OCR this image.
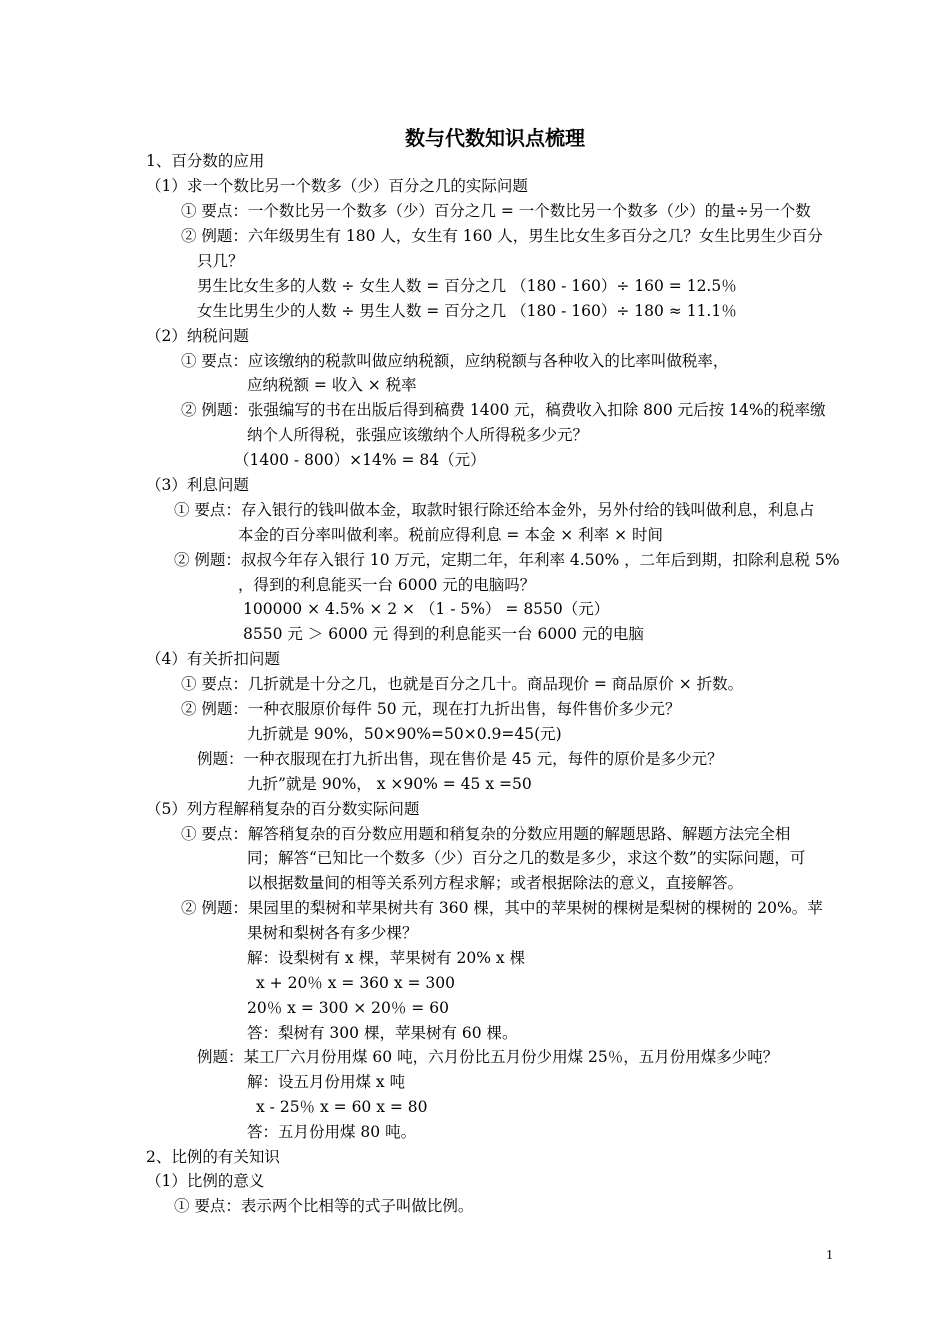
数与代数知识点梳理
1、百分数的应用
（1）求一个数比另一个数多（少）百分之几的实际问题
① 要点：一个数比另一个数多（少）百分之几 = 一个数比另一个数多（少）的量÷另一个数
② 例题：六年级男生有 180 人，女生有 160 人，男生比女生多百分之几？女生比男生少百分
只几？
男生比女生多的人数 ÷ 女生人数 = 百分之几 （180 - 160）÷ 160 = 12.5％
女生比男生少的人数 ÷ 男生人数 = 百分之几 （180 - 160）÷ 180 ≈ 11.1％
（2）纳税问题
① 要点：应该缴纳的税款叫做应纳税额，应纳税额与各种收入的比率叫做税率，
应纳税额 = 收入 × 税率
② 例题：张强编写的书在出版后得到稿费 1400 元，稿费收入扣除 800 元后按 14%的税率缴
纳个人所得税，张强应该缴纳个人所得税多少元？
（1400 - 800）×14% = 84（元）
（3）利息问题
① 要点：存入银行的钱叫做本金，取款时银行除还给本金外，另外付给的钱叫做利息，利息占
本金的百分率叫做利率。税前应得利息 = 本金 × 利率 × 时间
② 例题：叔叔今年存入银行 10 万元，定期二年，年利率 4.50% ，二年后到期，扣除利息税 5%
，得到的利息能买一台 6000 元的电脑吗？
100000 × 4.5% × 2 × （1 - 5%） = 8550（元）
8550 元 ＞ 6000 元 得到的利息能买一台 6000 元的电脑
（4）有关折扣问题
① 要点：几折就是十分之几，也就是百分之几十。商品现价 = 商品原价 × 折数。
② 例题：一种衣服原价每件 50 元，现在打九折出售，每件售价多少元？
九折就是 90%，50×90%=50×0.9=45(元)
例题：一种衣服现在打九折出售，现在售价是 45 元，每件的原价是多少元？
九折”就是 90%， x ×90% = 45 x =50
（5）列方程解稍复杂的百分数实际问题
① 要点：解答稍复杂的百分数应用题和稍复杂的分数应用题的解题思路、解题方法完全相
同；解答“已知比一个数多（少）百分之几的数是多少，求这个数”的实际问题，可
以根据数量间的相等关系列方程求解；或者根据除法的意义，直接解答。
② 例题：果园里的梨树和苹果树共有 360 棵，其中的苹果树的棵树是梨树的棵树的 20%。苹
果树和梨树各有多少棵？
解：设梨树有 x 棵，苹果树有 20% x 棵
x + 20％ x = 360 x = 300
20％ x = 300 × 20％ = 60
答：梨树有 300 棵，苹果树有 60 棵。
例题：某工厂六月份用煤 60 吨，六月份比五月份少用煤 25％，五月份用煤多少吨？
解：设五月份用煤 x 吨
x - 25％ x = 60 x = 80
答：五月份用煤 80 吨。
2、比例的有关知识
（1）比例的意义
① 要点：表示两个比相等的式子叫做比例。
1
